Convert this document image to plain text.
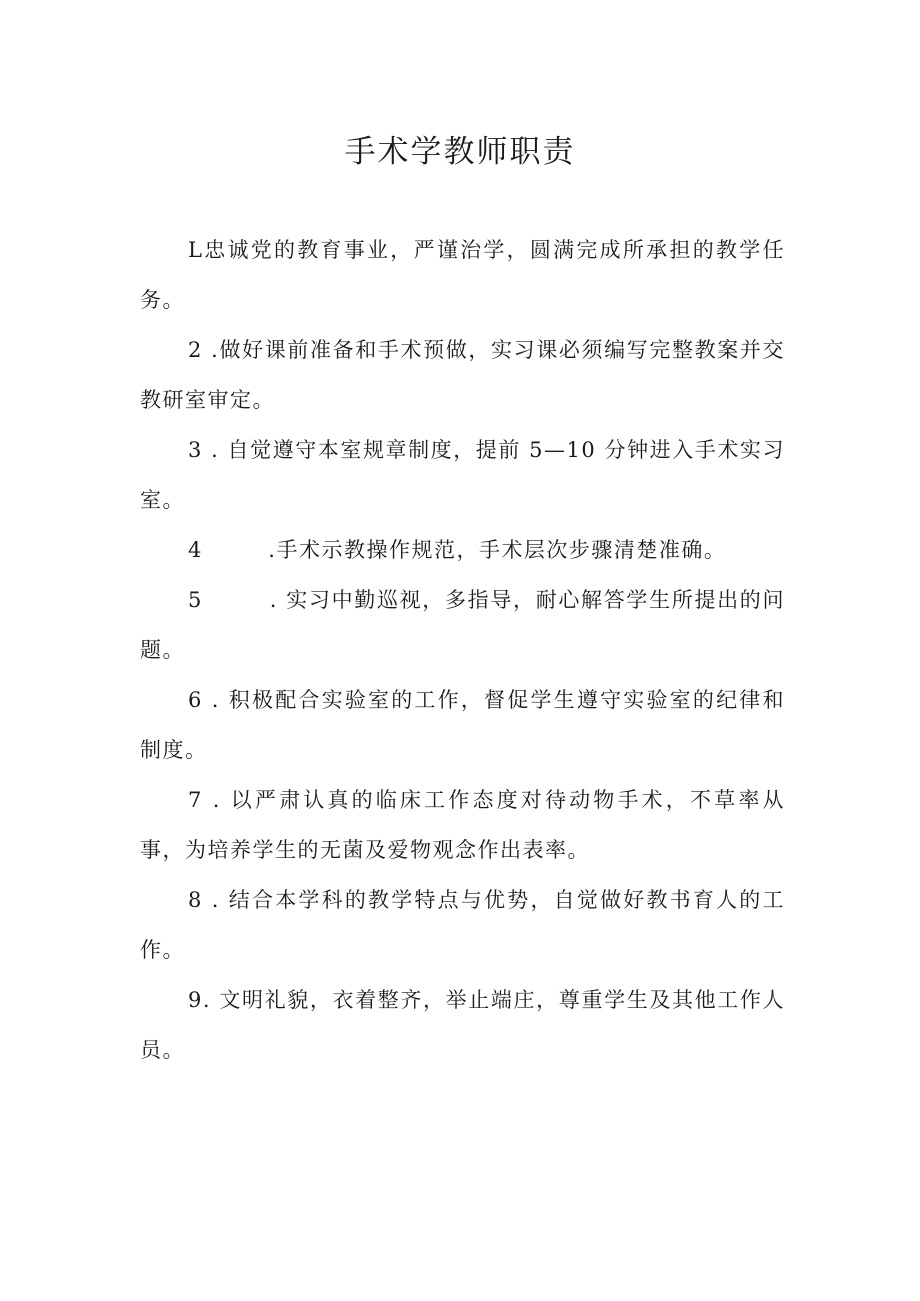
手术学教师职责

L忠诚党的教育事业，严谨治学，圆满完成所承担的教学任务。

2 .做好课前准备和手术预做，实习课必须编写完整教案并交教研室审定。

3 . 自觉遵守本室规章制度，提前 5—10 分钟进入手术实习室。

4        .手术示教操作规范，手术层次步骤清楚准确。

5        . 实习中勤巡视，多指导，耐心解答学生所提出的问题。

6 . 积极配合实验室的工作，督促学生遵守实验室的纪律和制度。

7 . 以严肃认真的临床工作态度对待动物手术，不草率从事，为培养学生的无菌及爱物观念作出表率。

8 . 结合本学科的教学特点与优势，自觉做好教书育人的工作。

9. 文明礼貌，衣着整齐，举止端庄，尊重学生及其他工作人员。
